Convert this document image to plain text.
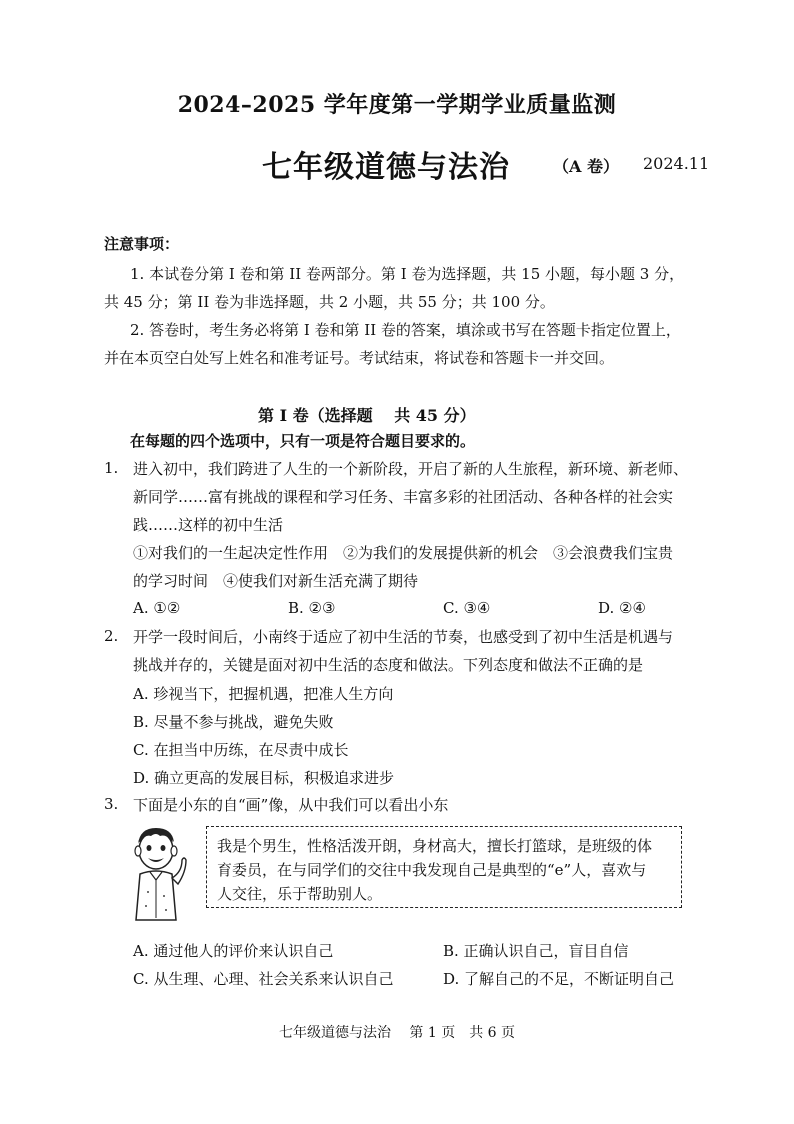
2024–2025 学年度第一学期学业质量监测
七年级道德与法治	（A 卷） 2024.11
注意事项：
1. 本试卷分第 I 卷和第 II 卷两部分。第 I 卷为选择题，共 15 小题，每小题 3 分，
共 45 分；第 II 卷为非选择题，共 2 小题，共 55 分；共 100 分。
2. 答卷时，考生务必将第 I 卷和第 II 卷的答案，填涂或书写在答题卡指定位置上，
并在本页空白处写上姓名和准考证号。考试结束，将试卷和答题卡一并交回。
第 I 卷（选择题　 共 45 分）
在每题的四个选项中，只有一项是符合题目要求的。
1. 进入初中，我们跨进了人生的一个新阶段，开启了新的人生旅程，新环境、新老师、
新同学……富有挑战的课程和学习任务、丰富多彩的社团活动、各种各样的社会实
践……这样的初中生活
①对我们的一生起决定性作用　②为我们的发展提供新的机会　③会浪费我们宝贵
的学习时间　④使我们对新生活充满了期待
A. ①②	B. ②③	C. ③④	D. ②④
2. 开学一段时间后，小南终于适应了初中生活的节奏，也感受到了初中生活是机遇与
挑战并存的，关键是面对初中生活的态度和做法。下列态度和做法不正确的是
A. 珍视当下，把握机遇，把准人生方向
B. 尽量不参与挑战，避免失败
C. 在担当中历练，在尽责中成长
D. 确立更高的发展目标，积极追求进步
3. 下面是小东的自“画”像，从中我们可以看出小东
我是个男生，性格活泼开朗，身材高大，擅长打篮球，是班级的体
育委员，在与同学们的交往中我发现自己是典型的“e”人，喜欢与
人交往，乐于帮助别人。
A. 通过他人的评价来认识自己	B. 正确认识自己，盲目自信
C. 从生理、心理、社会关系来认识自己	D. 了解自己的不足，不断证明自己
七年级道德与法治　 第 1 页　共 6 页
